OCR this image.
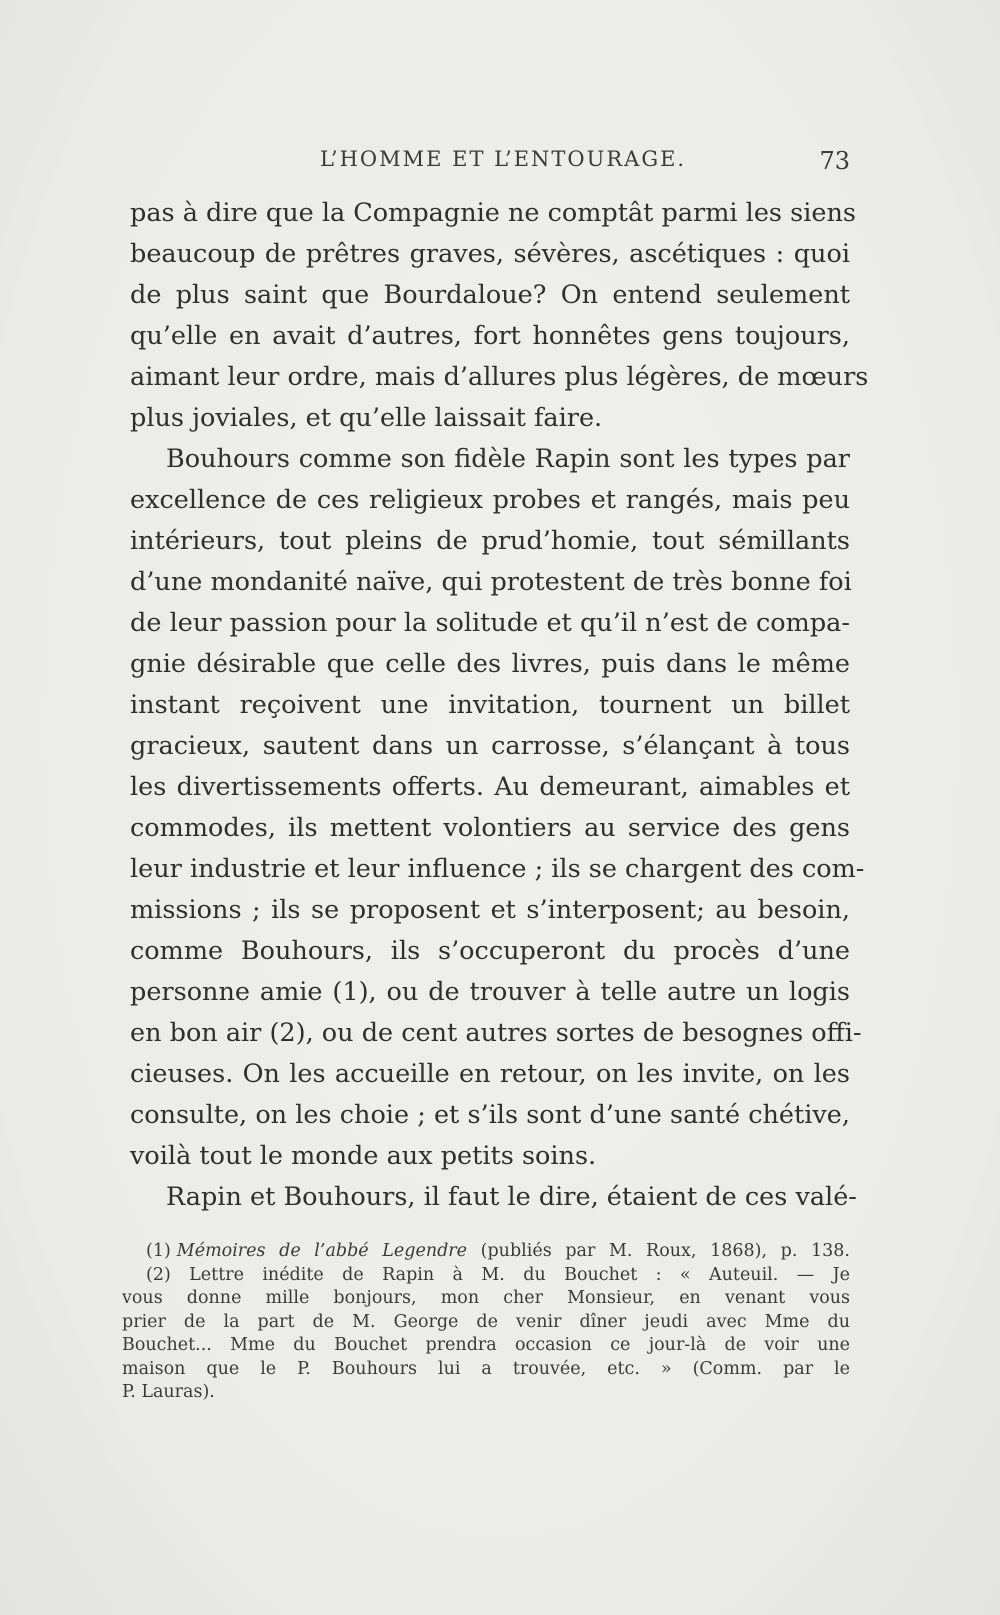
L’HOMME ET L’ENTOURAGE.	73

pas à dire que la Compagnie ne comptât parmi les siens

beaucoup de prêtres graves, sévères, ascétiques : quoi

de plus saint que Bourdaloue? On entend seulement

qu’elle en avait d’autres, fort honnêtes gens toujours,

aimant leur ordre, mais d’allures plus légères, de mœurs

plus joviales, et qu’elle laissait faire.

Bouhours comme son fidèle Rapin sont les types par

excellence de ces religieux probes et rangés, mais peu

intérieurs, tout pleins de prud’homie, tout sémillants

d’une mondanité naïve, qui protestent de très bonne foi

de leur passion pour la solitude et qu’il n’est de compa-

gnie désirable que celle des livres, puis dans le même

instant reçoivent une invitation, tournent un billet

gracieux, sautent dans un carrosse, s’élançant à tous

les divertissements offerts. Au demeurant, aimables et

commodes, ils mettent volontiers au service des gens

leur industrie et leur influence ; ils se chargent des com-

missions ; ils se proposent et s’interposent; au besoin,

comme Bouhours, ils s’occuperont du procès d’une

personne amie (1), ou de trouver à telle autre un logis

en bon air (2), ou de cent autres sortes de besognes offi-

cieuses. On les accueille en retour, on les invite, on les

consulte, on les choie ; et s’ils sont d’une santé chétive,

voilà tout le monde aux petits soins.

Rapin et Bouhours, il faut le dire, étaient de ces valé-

(1) Mémoires de l’abbé Legendre (publiés par M. Roux, 1868), p. 138.

(2) Lettre inédite de Rapin à M. du Bouchet : « Auteuil. — Je

vous donne mille bonjours, mon cher Monsieur, en venant vous

prier de la part de M. George de venir dîner jeudi avec Mme du

Bouchet... Mme du Bouchet prendra occasion ce jour-là de voir une

maison que le P. Bouhours lui a trouvée, etc. » (Comm. par le

P. Lauras).
